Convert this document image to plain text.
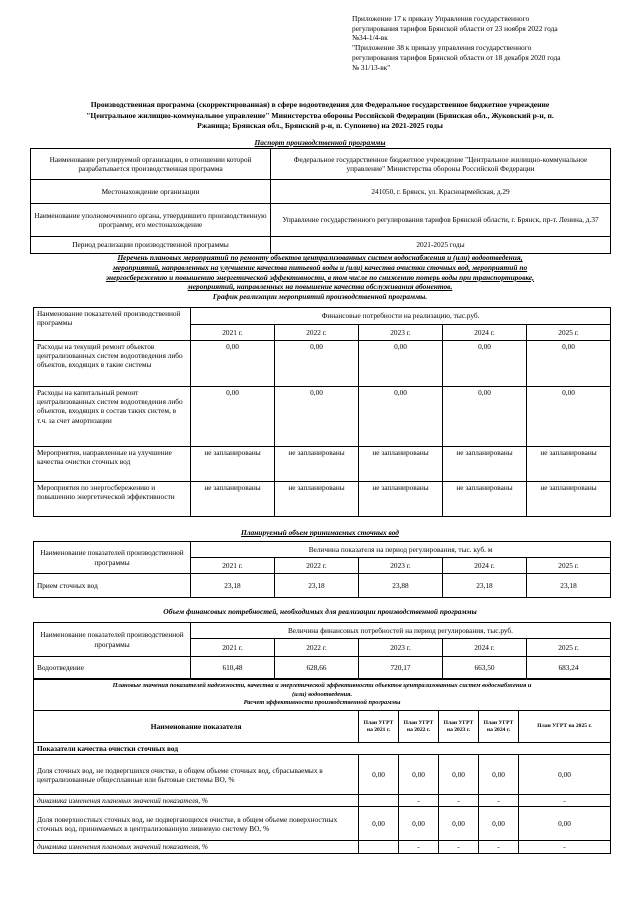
Приложение 17 к приказу Управления государственного
регулирования тарифов Брянской области от 23 ноября 2022 года
№34-1/4-вк
"Приложение 38 к приказу управления государственного
регулирования тарифов Брянской области от 18 декабря 2020 года
№ 31/13-вк"
Производственная программа (скорректированная) в сфере водоотведения для Федеральное государственное бюджетное учреждение
"Центральное жилищно-коммунальное управление" Министерства обороны Российской Федерации (Брянская обл., Жуковский р-н, п.
Ржаница; Брянская обл., Брянский р-н, п. Супонево) на 2021-2025 годы
Паспорт производственной программы
Наименование регулируемой организации, в отношении которой разрабатывается производственная программа	Федеральное государственное бюджетное учреждение "Центральное жилищно-коммунальное управление" Министерства обороны Российской Федерации
Местонахождение организации	241050, г. Брянск, ул. Красноармейская, д.29
Наименование уполномоченного органа, утвердившего производственную программу, его местонахождение	Управление государственного регулирования тарифов Брянской области, г. Брянск, пр-т. Ленина, д.37
Период реализации производственной программы	2021-2025 годы
Перечень плановых мероприятий по ремонту объектов централизованных систем водоснабжения и (или) водоотведения,
мероприятий, направленных на улучшение качества питьевой воды и (или) качества очистки сточных вод, мероприятий по
энергосбережению и повышению энергетической эффективности, в том числе по снижению потерь воды при транспортировке,
мероприятий, направленных на повышение качества обслуживания абонентов.
График реализации мероприятий производственной программы.
Наименование показателей производственной программы	Финансовые потребности на реализацию, тыс.руб.				
	2021 г.	2022 г.	2023 г.	2024 г.	2025 г.
Расходы на текущий ремонт объектов централизованных систем водоотведения либо объектов, входящих в такие системы	0,00	0,00	0,00	0,00	0,00
Расходы на капитальный ремонт централизованных систем водоотведения либо объектов, входящих в состав таких систем, в т.ч. за счет амортизации	0,00	0,00	0,00	0,00	0,00
Мероприятия, направленные на улучшение качества очистки сточных вод	не запланированы	не запланированы	не запланированы	не запланированы	не запланированы
Мероприятия по энергосбережению и повышению энергетической эффективности	не запланированы	не запланированы	не запланированы	не запланированы	не запланированы
Планируемый объем принимаемых сточных вод
Наименование показателей производственной программы	Величина показателя на период регулирования, тыс. куб. м				
	2021 г.	2022 г.	2023 г.	2024 г.	2025 г.
Прием сточных вод	23,18	23,18	23,88	23,18	23,18
Объем финансовых потребностей, необходимых для реализации производственной программы
Наименование показателей производственной программы	Величина финансовых потребностей на период регулирования, тыс.руб.				
	2021 г.	2022 г.	2023 г.	2024 г.	2025 г.
Водоотведение	610,48	628,66	720,17	663,50	683,24
Плановые значения показателей надежности, качества и энергетической эффективности объектов централизованных систем водоснабжения и
(или) водоотведения.
Расчет эффективности производственной программы					

Наименование показателя	План УГРТ на 2021 г.	План УГРТ на 2022 г.	План УГРТ на 2023 г.	План УГРТ на 2024 г.	План УГРТ на 2025 г.
Показатели качества очистки сточных вод					
Доля сточных вод, не подвергшихся очистке, в общем объеме сточных вод, сбрасываемых в централизованные общесплавные или бытовые системы ВО, %	0,00	0,00	0,00	0,00	0,00
динамика изменения плановых значений показателя, %		-	-	-	-
Доля поверхностных сточных вод, не подвергающихся очистке, в общем объеме поверхностных сточных вод, принимаемых в централизованную ливневую систему ВО, %	0,00	0,00	0,00	0,00	0,00
динамика изменения плановых значений показателя, %		-	-	-	-
